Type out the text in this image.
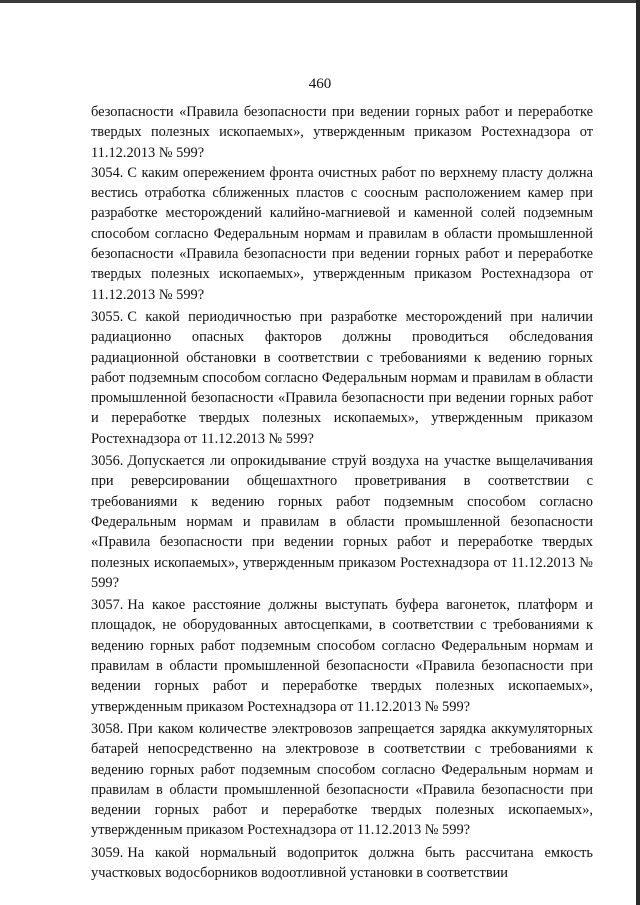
460

безопасности «Правила безопасности при ведении горных работ и переработке твердых полезных ископаемых», утвержденным приказом Ростехнадзора от 11.12.2013 № 599?

3054. С каким опережением фронта очистных работ по верхнему пласту должна вестись отработка сближенных пластов с соосным расположением камер при разработке месторождений калийно-магниевой и каменной солей подземным способом согласно Федеральным нормам и правилам в области промышленной безопасности «Правила безопасности при ведении горных работ и переработке твердых полезных ископаемых», утвержденным приказом Ростехнадзора от 11.12.2013 № 599?

3055. С какой периодичностью при разработке месторождений при наличии радиационно опасных факторов должны проводиться обследования радиационной обстановки в соответствии с требованиями к ведению горных работ подземным способом согласно Федеральным нормам и правилам в области промышленной безопасности «Правила безопасности при ведении горных работ и переработке твердых полезных ископаемых», утвержденным приказом Ростехнадзора от 11.12.2013 № 599?

3056. Допускается ли опрокидывание струй воздуха на участке выщелачивания при реверсировании общешахтного проветривания в соответствии с требованиями к ведению горных работ подземным способом согласно Федеральным нормам и правилам в области промышленной безопасности «Правила безопасности при ведении горных работ и переработке твердых полезных ископаемых», утвержденным приказом Ростехнадзора от 11.12.2013 № 599?

3057. На какое расстояние должны выступать буфера вагонеток, платформ и площадок, не оборудованных автосцепками, в соответствии с требованиями к ведению горных работ подземным способом согласно Федеральным нормам и правилам в области промышленной безопасности «Правила безопасности при ведении горных работ и переработке твердых полезных ископаемых», утвержденным приказом Ростехнадзора от 11.12.2013 № 599?

3058. При каком количестве электровозов запрещается зарядка аккумуляторных батарей непосредственно на электровозе в соответствии с требованиями к ведению горных работ подземным способом согласно Федеральным нормам и правилам в области промышленной безопасности «Правила безопасности при ведении горных работ и переработке твердых полезных ископаемых», утвержденным приказом Ростехнадзора от 11.12.2013 № 599?

3059. На какой нормальный водоприток должна быть рассчитана емкость участковых водосборников водоотливной установки в соответствии
